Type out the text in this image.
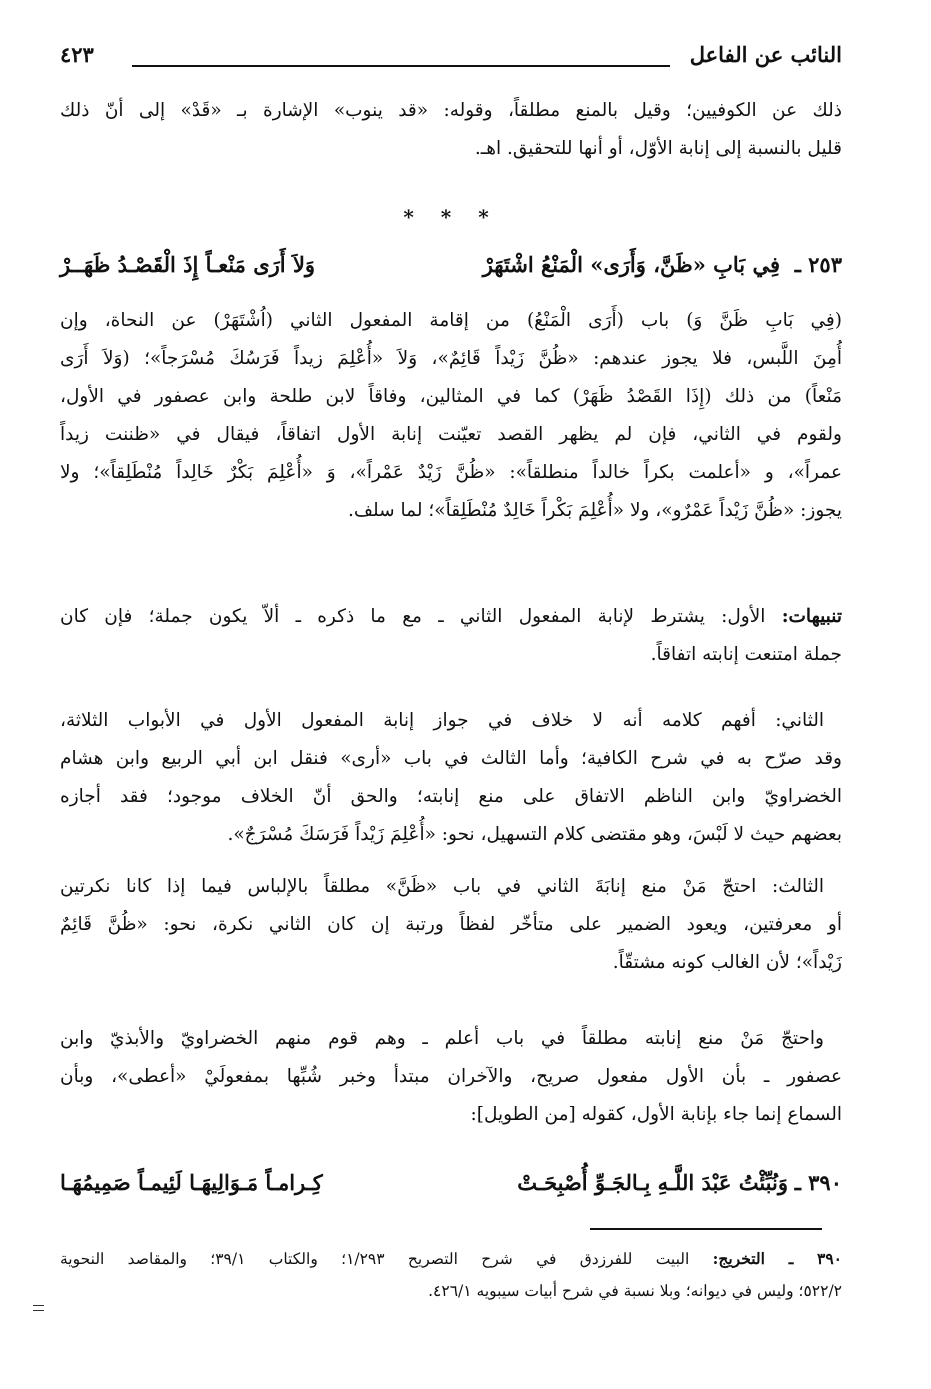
النائب عن الفاعل
٤٢٣
ذلك عن الكوفيين؛ وقيل بالمنع مطلقاً، وقوله: «قد ينوب» الإشارة بـ «قَدْ» إلى أنّ ذلك
قليل بالنسبة إلى إنابة الأوّل، أو أنها للتحقيق. اهـ.
* * *
٢٥٣ ـ
فِي بَابِ «ظَنَّ، وَأَرَى» الْمَنْعُ اشْتَهَرْ
وَلاَ أَرَى مَنْعـاً إِذَ الْقَصْـدُ ظَهَــرْ
(فِي بَابِ ظَنَّ وَ) باب (أَرَى الْمَنْعُ) من إقامة المفعول الثاني (اُشْتَهَرْ) عن النحاة، وإن
أُمِنَ اللَّبس، فلا يجوز عندهم: «ظُنَّ زَيْداً قَائِمٌ»، وَلاَ «أُعْلِمَ زيداً فَرَسُكَ مُسْرَجاً»؛ (وَلاَ أَرَى
مَنْعاً) من ذلك (إِذَا القَصْدُ ظَهَرْ) كما في المثالين، وفاقاً لابن طلحة وابن عصفور في الأول،
ولقوم في الثاني، فإن لم يظهر القصد تعيّنت إنابة الأول اتفاقاً، فيقال في «ظننت زيداً
عمراً»، و «أعلمت بكراً خالداً منطلقاً»: «ظُنَّ زَيْدٌ عَمْراً»، وَ «أُعْلِمَ بَكْرٌ خَالِداً مُنْطَلِقاً»؛ ولا
يجوز: «ظُنَّ زَيْداً عَمْرٌو»، ولا «أُعْلِمَ بَكْراً خَالِدٌ مُنْطَلِقاً»؛ لما سلف.
تنبيهات: الأول: يشترط لإنابة المفعول الثاني ـ مع ما ذكره ـ ألاّ يكون جملة؛ فإن كان
جملة امتنعت إنابته اتفاقاً.
الثاني: أفهم كلامه أنه لا خلاف في جواز إنابة المفعول الأول في الأبواب الثلاثة،
وقد صرّح به في شرح الكافية؛ وأما الثالث في باب «أرى» فنقل ابن أبي الربيع وابن هشام
الخضراويّ وابن الناظم الاتفاق على منع إنابته؛ والحق أنّ الخلاف موجود؛ فقد أجازه
بعضهم حيث لا لَبْسَ، وهو مقتضى كلام التسهيل، نحو: «أُعْلِمَ زَيْداً فَرَسَكَ مُسْرَجٌ».
الثالث: احتجّ مَنْ منع إنابَةَ الثاني في باب «ظَنَّ» مطلقاً بالإلباس فيما إذا كانا نكرتين
أو معرفتين، ويعود الضمير على متأخّر لفظاً ورتبة إن كان الثاني نكرة، نحو: «ظُنَّ قَائِمٌ
زَيْداً»؛ لأن الغالب كونه مشتقّاً.
واحتجّ مَنْ منع إنابته مطلقاً في باب أعلم ـ وهم قوم منهم الخضراويّ والأبذيّ وابن
عصفور ـ بأن الأول مفعول صريح، والآخران مبتدأ وخبر شُبِّها بمفعولَيْ «أعطى»، وبأن
السماع إنما جاء بإنابة الأول، كقوله [من الطويل]:
٣٩٠ ـ
وَنُبِّئْتُ عَبْدَ اللَّـهِ بِـالجَـوِّ أُصْبِحَـتْ
كِـرامـاً مَـوَالِيهَـا لَئِيمـاً صَمِيمُهَـا
٣٩٠ ـ التخريج: البيت للفرزدق في شرح التصريح ١/٢٩٣؛ والكتاب ٣٩/١؛ والمقاصد النحوية
٥٢٢/٢؛ وليس في ديوانه؛ وبلا نسبة في شرح أبيات سيبويه ٤٢٦/١.
